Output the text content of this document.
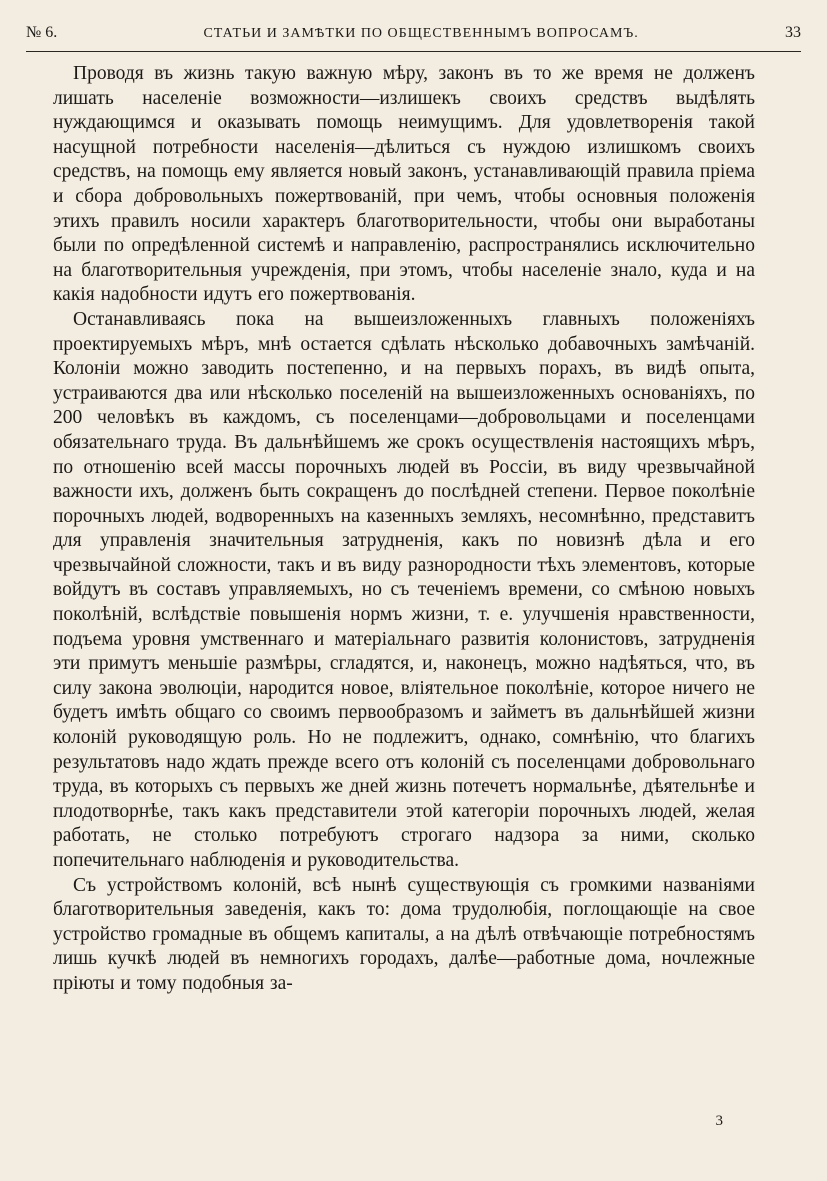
№ 6.	СТАТЬИ И ЗАМѢТКИ ПО ОБЩЕСТВЕННЫМЪ ВОПРОСАМЪ.	33

Проводя въ жизнь такую важную мѣру, законъ въ то же время не долженъ лишать населеніе возможности—излишекъ своихъ средствъ выдѣлять нуждающимся и оказывать помощь неимущимъ. Для удовлетворенія такой насущной потребности населенія—дѣлиться съ нуждою излишкомъ своихъ средствъ, на помощь ему является новый законъ, устанавливающій правила пріема и сбора добровольныхъ пожертвованій, при чемъ, чтобы основныя положенія этихъ правилъ носили характеръ благотворительности, чтобы они выработаны были по опредѣленной системѣ и направленію, распространялись исключительно на благотворительныя учрежденія, при этомъ, чтобы населеніе знало, куда и на какія надобности идутъ его пожертвованія.

Останавливаясь пока на вышеизложенныхъ главныхъ положеніяхъ проектируемыхъ мѣръ, мнѣ остается сдѣлать нѣсколько добавочныхъ замѣчаній. Колоніи можно заводить постепенно, и на первыхъ порахъ, въ видѣ опыта, устраиваются два или нѣсколько поселеній на вышеизложенныхъ основаніяхъ, по 200 человѣкъ въ каждомъ, съ поселенцами—добровольцами и поселенцами обязательнаго труда. Въ дальнѣйшемъ же срокъ осуществленія настоящихъ мѣръ, по отношенію всей массы порочныхъ людей въ Россіи, въ виду чрезвычайной важности ихъ, долженъ быть сокращенъ до послѣдней степени. Первое поколѣніе порочныхъ людей, водворенныхъ на казенныхъ земляхъ, несомнѣнно, представитъ для управленія значительныя затрудненія, какъ по новизнѣ дѣла и его чрезвычайной сложности, такъ и въ виду разнородности тѣхъ элементовъ, которые войдутъ въ составъ управляемыхъ, но съ теченіемъ времени, со смѣною новыхъ поколѣній, вслѣдствіе повышенія нормъ жизни, т. е. улучшенія нравственности, подъема уровня умственнаго и матеріальнаго развитія колонистовъ, затрудненія эти примутъ меньшіе размѣры, сгладятся, и, наконецъ, можно надѣяться, что, въ силу закона эволюціи, народится новое, вліятельное поколѣніе, которое ничего не будетъ имѣть общаго со своимъ первообразомъ и займетъ въ дальнѣйшей жизни колоній руководящую роль. Но не подлежитъ, однако, сомнѣнію, что благихъ результатовъ надо ждать прежде всего отъ колоній съ поселенцами добровольнаго труда, въ которыхъ съ первыхъ же дней жизнь потечетъ нормальнѣе, дѣятельнѣе и плодотворнѣе, такъ какъ представители этой категоріи порочныхъ людей, желая работать, не столько потребуютъ строгаго надзора за ними, сколько попечительнаго наблюденія и руководительства.

Съ устройствомъ колоній, всѣ нынѣ существующія съ громкими названіями благотворительныя заведенія, какъ то: дома трудолюбія, поглощающіе на свое устройство громадные въ общемъ капиталы, а на дѣлѣ отвѣчающіе потребностямъ лишь кучкѣ людей въ немногихъ городахъ, далѣе—работные дома, ночлежные пріюты и тому подобныя за-

3
